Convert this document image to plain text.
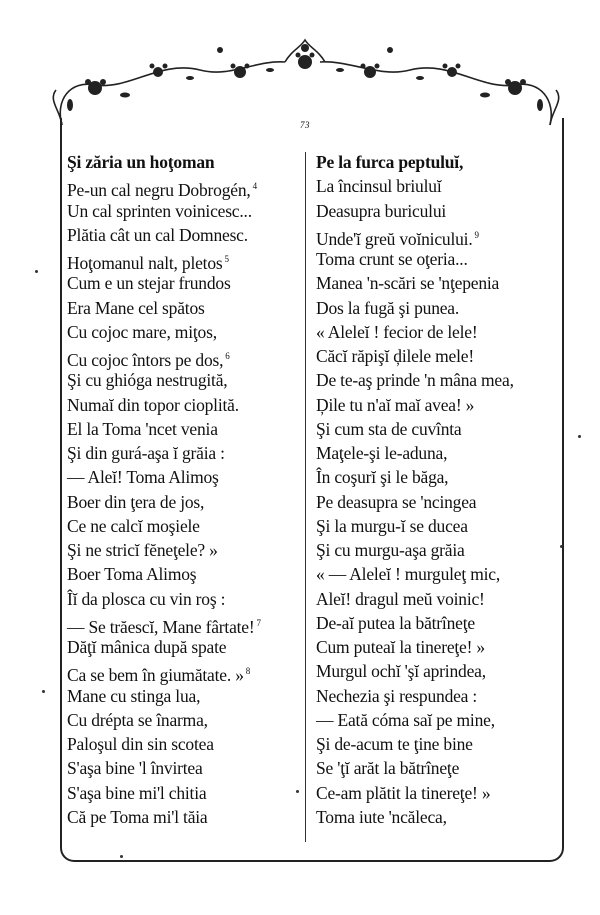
73
Şi zăria un hoţoman
Pe-un cal negru Dobrogén, $^4$
Un cal sprinten voinicesc...
Plătia cât un cal Domnesc.
Hoţomanul nalt, pletos $^5$
Cum e un stejar frundos
Era Mane cel spătos
Cu cojoc mare, miţos,
Cu cojoc întors pe dos, $^6$
Şi cu ghióga nestrugită,
Numaĭ din topor cioplită.
El la Toma 'ncet venia
Şi din gurá-aşa ĭ grăia :
— Aleĭ! Toma Alimoş
Boer din ţera de jos,
Ce ne calcĭ moşiele
Şi ne stricĭ fĕneţele? »
Boer Toma Alimoş
Îĭ da plosca cu vin roş :
— Se trăescĭ, Mane fârtate! $^7$
Dăţĭ mânica după spate
Ca se bem în giumătate. » $^8$
Mane cu stinga lua,
Cu drépta se înarma,
Paloşul din sin scotea
S'aşa bine 'l învirtea
S'aşa bine mi'l chitia
Că pe Toma mi'l tăia
Pe la furca peptuluĭ,
La încinsul briuluĭ
Deasupra buricului
Unde'ĭ greŭ voĭnicului. $^9$
Toma crunt se oţeria...
Manea 'n-scări se 'nţepenia
Dos la fugă şi punea.
« Aleleĭ ! fecior de lele!
Căcĭ răpişĭ ḑilele mele!
De te-aş prinde 'n mâna mea,
Ḑile tu n'aĭ maĭ avea! »
Şi cum sta de cuvînta
Maţele-şi le-aduna,
În coşurĭ şi le băga,
Pe deasupra se 'ncingea
Şi la murgu-ĭ se ducea
Şi cu murgu-aşa grăia
« — Aleleĭ ! murguleţ mic,
Aleĭ! dragul meŭ voinic!
De-aĭ putea la bătrîneţe
Cum puteaĭ la tinereţe! »
Murgul ochĭ 'şĭ aprindea,
Nechezia şi respundea :
— Eată cóma saĭ pe mine,
Şi de-acum te ţine bine
Se 'ţĭ arăt la bătrîneţe
Ce-am plătit la tinereţe! »
Toma iute 'ncăleca,
